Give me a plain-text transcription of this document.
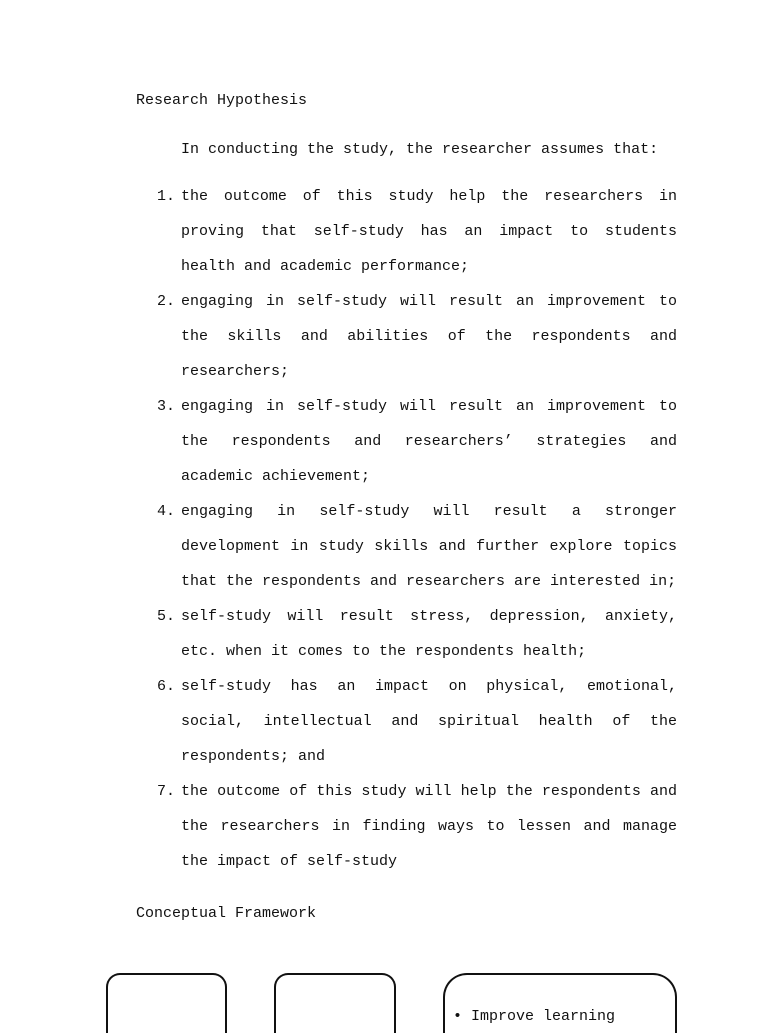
Research Hypothesis

In conducting the study, the researcher assumes that:

1. the outcome of this study help the researchers in proving that self-study has an impact to students health and academic performance;
2. engaging in self-study will result an improvement to the skills and abilities of the respondents and researchers;
3. engaging in self-study will result an improvement to the respondents and researchers’ strategies and academic achievement;
4. engaging in self-study will result a stronger development in study skills and further explore topics that the respondents and researchers are interested in;
5. self-study will result stress, depression, anxiety, etc. when it comes to the respondents health;
6. self-study has an impact on physical, emotional, social, intellectual and spiritual health of the respondents; and
7. the outcome of this study will help the respondents and the researchers in finding ways to lessen and manage the impact of self-study
Conceptual Framework
• Improve learning
